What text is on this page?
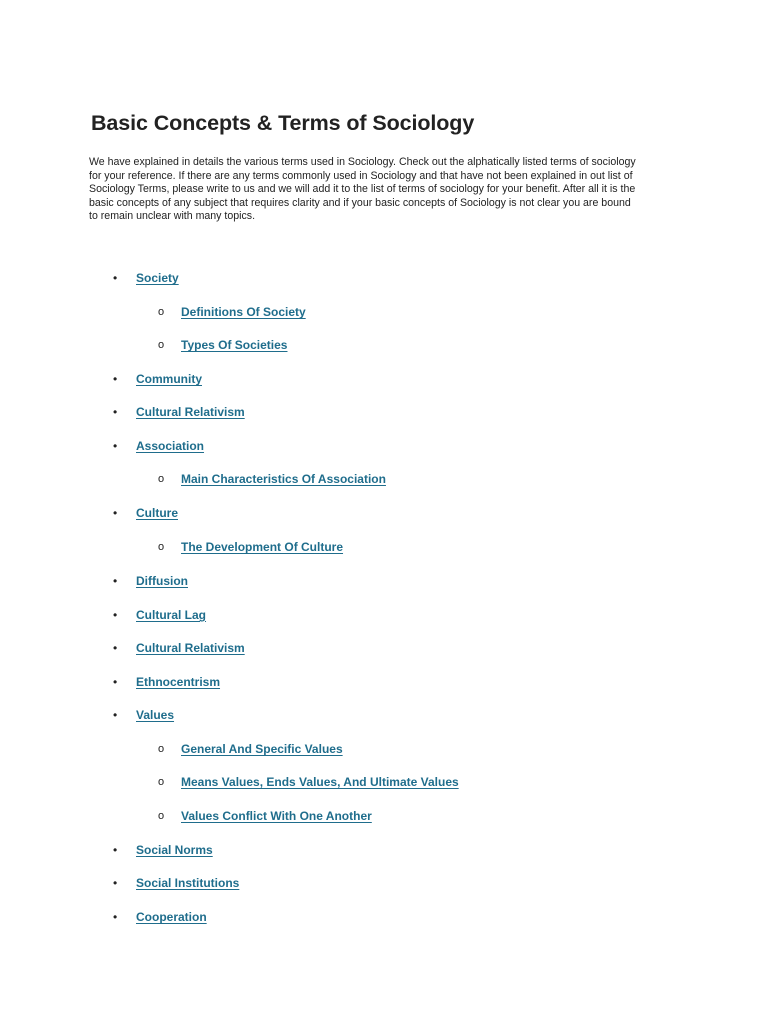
Basic Concepts & Terms of Sociology

We have explained in details the various terms used in Sociology. Check out the alphatically listed terms of sociology
for your reference. If there are any terms commonly used in Sociology and that have not been explained in out list of
Sociology Terms, please write to us and we will add it to the list of terms of sociology for your benefit. After all it is the
basic concepts of any subject that requires clarity and if your basic concepts of Sociology is not clear you are bound
to remain unclear with many topics.

•
Society
o
Definitions Of Society
o
Types Of Societies
•
Community
•
Cultural Relativism
•
Association
o
Main Characteristics Of Association
•
Culture
o
The Development Of Culture
•
Diffusion
•
Cultural Lag
•
Cultural Relativism
•
Ethnocentrism
•
Values
o
General And Specific Values
o
Means Values, Ends Values, And Ultimate Values
o
Values Conflict With One Another
•
Social Norms
•
Social Institutions
•
Cooperation
